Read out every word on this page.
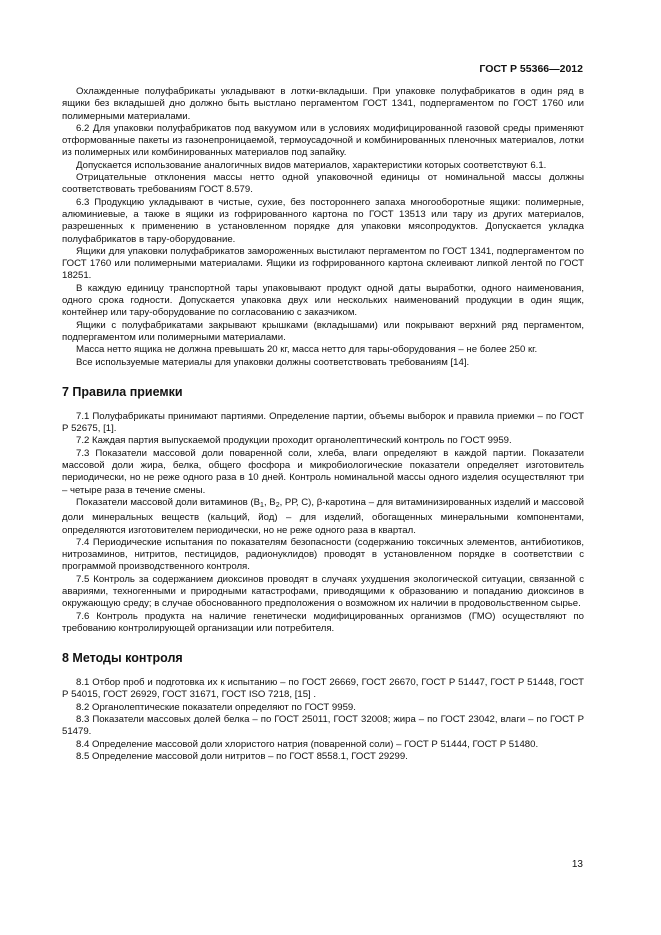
ГОСТ Р 55366—2012

Охлажденные полуфабрикаты укладывают в лотки-вкладыши. При упаковке полуфабрикатов в один ряд в ящики без вкладышей дно должно быть выстлано пергаментом ГОСТ 1341, подпергаментом по ГОСТ 1760 или полимерными материалами.

6.2 Для упаковки полуфабрикатов под вакуумом или в условиях модифицированной газовой среды применяют отформованные пакеты из газонепроницаемой, термоусадочной и комбинированных пленочных материалов, лотки из полимерных или комбинированных материалов под запайку.

Допускается использование аналогичных видов материалов, характеристики которых соответствуют 6.1.

Отрицательные отклонения массы нетто одной упаковочной единицы от номинальной массы должны соответствовать требованиям ГОСТ 8.579.

6.3 Продукцию укладывают в чистые, сухие, без постороннего запаха многооборотные ящики: полимерные, алюминиевые, а также в ящики из гофрированного картона по ГОСТ 13513 или тару из других материалов, разрешенных к применению в установленном порядке для упаковки мясопродуктов. Допускается укладка полуфабрикатов в тару-оборудование.

Ящики для упаковки полуфабрикатов замороженных выстилают пергаментом по ГОСТ 1341, подпергаментом по ГОСТ 1760 или полимерными материалами. Ящики из гофрированного картона склеивают липкой лентой по ГОСТ 18251.

В каждую единицу транспортной тары упаковывают продукт одной даты выработки, одного наименования, одного срока годности. Допускается упаковка двух или нескольких наименований продукции в один ящик, контейнер или тару-оборудование по согласованию с заказчиком.

Ящики с полуфабрикатами закрывают крышками (вкладышами) или покрывают верхний ряд пергаментом, подпергаментом или полимерными материалами.

Масса нетто ящика не должна превышать 20 кг, масса нетто для тары-оборудования – не более 250 кг.

Все используемые материалы для упаковки должны соответствовать требованиям [14].

7 Правила приемки

7.1 Полуфабрикаты принимают партиями. Определение партии, объемы выборок и правила приемки – по ГОСТ Р 52675, [1].

7.2 Каждая партия выпускаемой продукции проходит органолептический контроль по ГОСТ 9959.

7.3 Показатели массовой доли поваренной соли, хлеба, влаги определяют в каждой партии. Показатели массовой доли жира, белка, общего фосфора и микробиологические показатели определяет изготовитель периодически, но не реже одного раза в 10 дней. Контроль номинальной массы одного изделия осуществляют три – четыре раза в течение смены.

Показатели массовой доли витаминов ($В_1$, $В_2$, РР, С), β-каротина – для витаминизированных изделий и массовой доли минеральных веществ (кальций, йод) – для изделий, обогащенных минеральными компонентами, определяются изготовителем периодически, но не реже одного раза в квартал.

7.4 Периодические испытания по показателям безопасности (содержанию токсичных элементов, антибиотиков, нитрозаминов, нитритов, пестицидов, радионуклидов) проводят в установленном порядке в соответствии с программой производственного контроля.

7.5 Контроль за содержанием диоксинов проводят в случаях ухудшения экологической ситуации, связанной с авариями, техногенными и природными катастрофами, приводящими к образованию и попаданию диоксинов в окружающую среду; в случае обоснованного предположения о возможном их наличии в продовольственном сырье.

7.6 Контроль продукта на наличие генетически модифицированных организмов (ГМО) осуществляют по требованию контролирующей организации или потребителя.

8 Методы контроля

8.1 Отбор проб и подготовка их к испытанию – по ГОСТ 26669, ГОСТ 26670, ГОСТ Р 51447, ГОСТ Р 51448, ГОСТ Р 54015, ГОСТ 26929, ГОСТ 31671, ГОСТ ISO 7218, [15] .

8.2 Органолептические показатели определяют по ГОСТ 9959.

8.3 Показатели массовых долей белка – по ГОСТ 25011, ГОСТ 32008; жира – по ГОСТ 23042, влаги – по ГОСТ Р 51479.

8.4 Определение массовой доли хлористого натрия (поваренной соли) – ГОСТ Р 51444, ГОСТ Р 51480.

8.5 Определение массовой доли нитритов – по ГОСТ 8558.1, ГОСТ 29299.

13
